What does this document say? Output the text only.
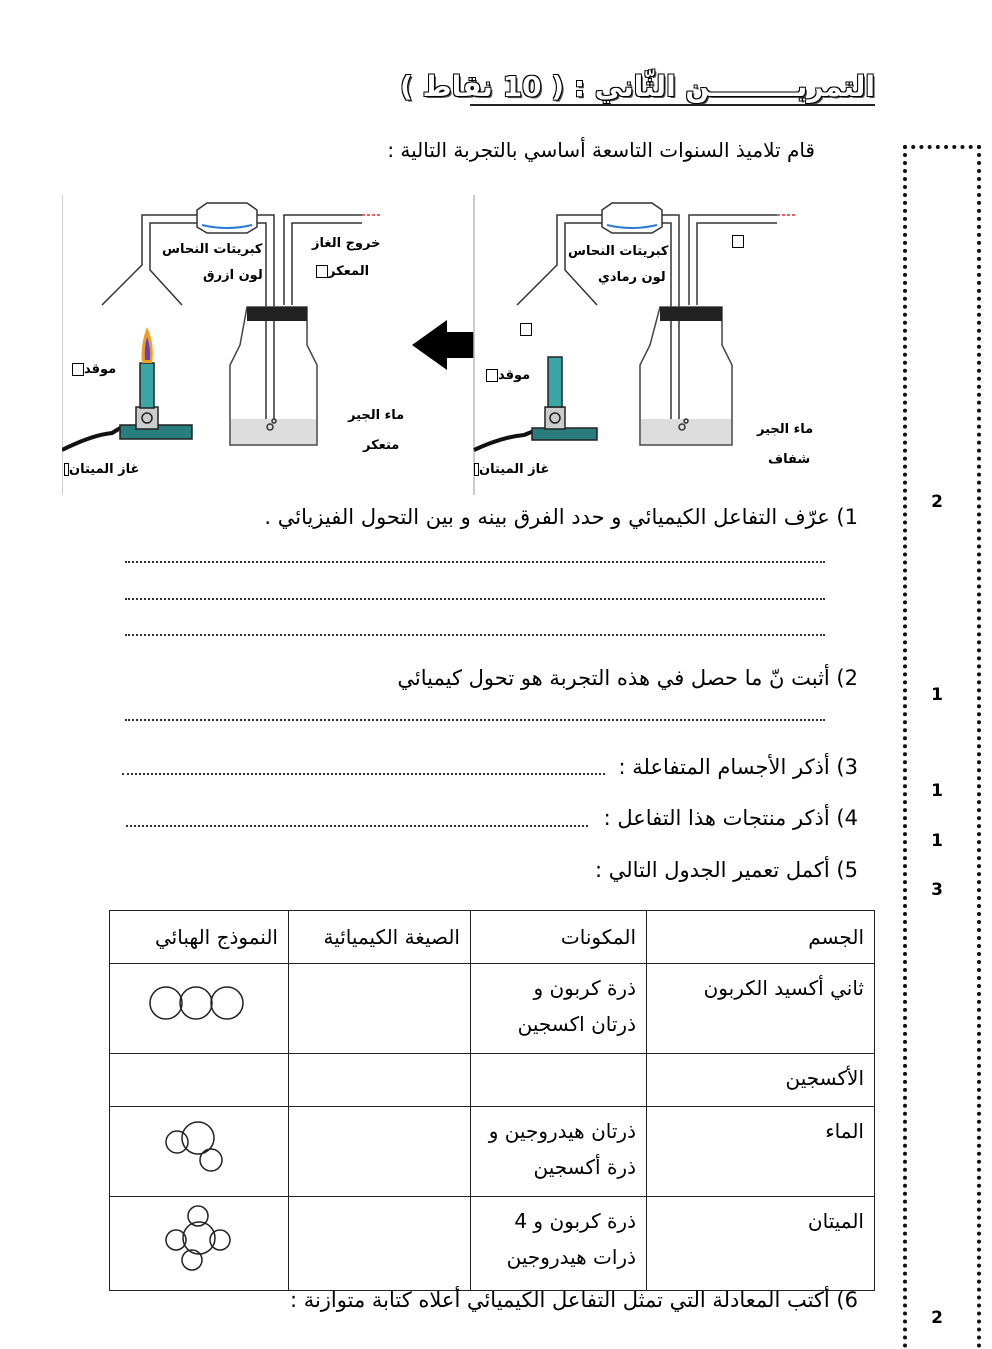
التمريـــــــــن الثّاني : ( 10 نقاط )
قام تلاميذ السنوات التاسعة أساسي بالتجربة التالية :
2
1
1
1
3
2
كبريتات النحاس
لون ازرق
خروج الغاز
المعكر
موقد
غاز الميتان
ماء الجير
متعكر
كبريتات النحاس
لون رمادي
موقد
غاز الميتان
ماء الجير
شفاف
1) عرّف التفاعل الكيميائي و حدد الفرق بينه و بين التحول الفيزيائي .
2) أثبت نّ ما حصل في هذه التجربة هو تحول كيميائي
3) أذكر الأجسام المتفاعلة :
4) أذكر منتجات هذا التفاعل :
5) أكمل تعمير الجدول التالي :
الجسم	المكونات	الصيغة الكيميائية	النموذج الهبائي
ثاني أكسيد الكربون	ذرة كربون و
ذرتان اكسجين

الأكسجين			
الماء	ذرتان هيدروجين و
ذرة أكسجين

الميتان	ذرة كربون و 4
ذرات هيدروجين

6) أكتب المعادلة التي تمثل التفاعل الكيميائي أعلاه كتابة متوازنة :
